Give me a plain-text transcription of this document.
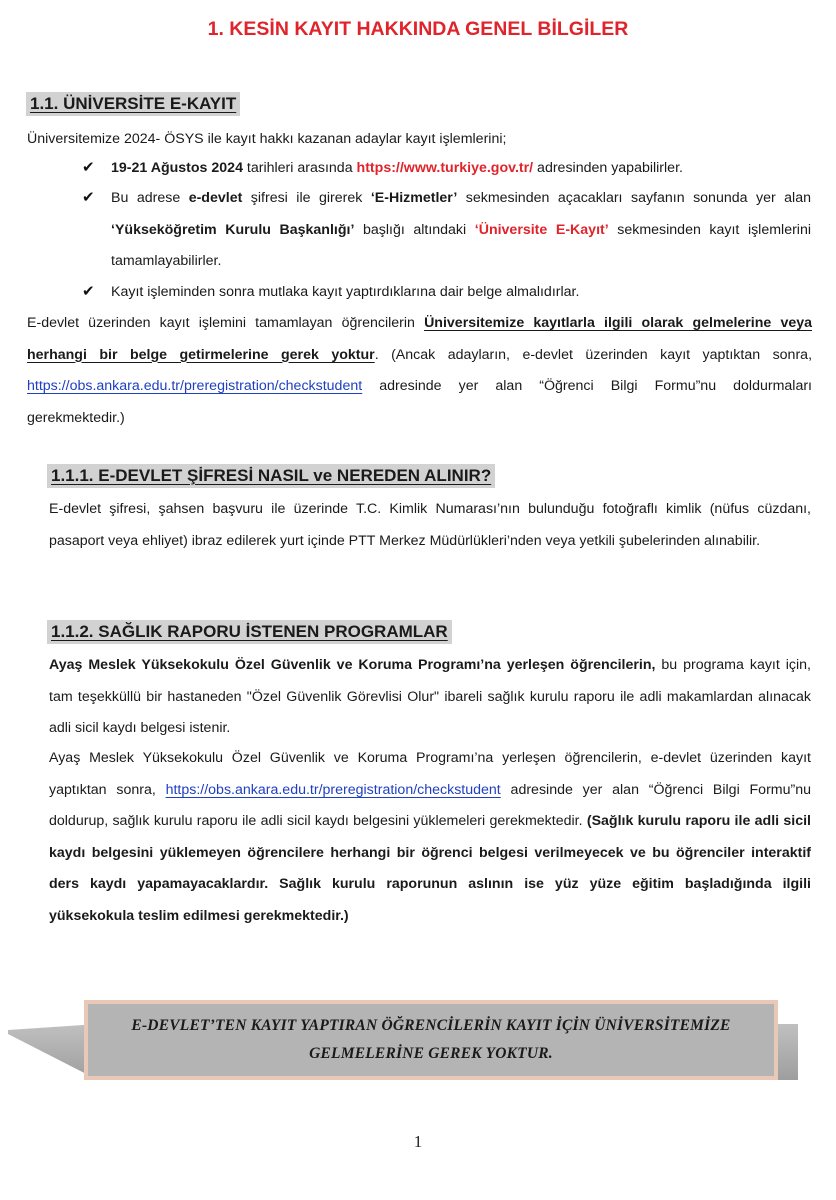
1. KESİN KAYIT HAKKINDA GENEL BİLGİLER
1.1. ÜNİVERSİTE E-KAYIT

Üniversitemize 2024- ÖSYS ile kayıt hakkı kazanan adaylar kayıt işlemlerini;

✔ 19-21 Ağustos 2024 tarihleri arasında https://www.turkiye.gov.tr/ adresinden yapabilirler.

✔ Bu adrese e-devlet şifresi ile girerek ‘E-Hizmetler’ sekmesinden açacakları sayfanın sonunda yer alan ‘Yükseköğretim Kurulu Başkanlığı’ başlığı altındaki ‘Üniversite E-Kayıt’ sekmesinden kayıt işlemlerini tamamlayabilirler.

✔ Kayıt işleminden sonra mutlaka kayıt yaptırdıklarına dair belge almalıdırlar.

E-devlet üzerinden kayıt işlemini tamamlayan öğrencilerin Üniversitemize kayıtlarla ilgili olarak gelmelerine veya herhangi bir belge getirmelerine gerek yoktur. (Ancak adayların, e-devlet üzerinden kayıt yaptıktan sonra, https://obs.ankara.edu.tr/preregistration/checkstudent adresinde yer alan “Öğrenci Bilgi Formu”nu doldurmaları gerekmektedir.)

1.1.1. E-DEVLET ŞİFRESİ NASIL ve NEREDEN ALINIR?

E-devlet şifresi, şahsen başvuru ile üzerinde T.C. Kimlik Numarası’nın bulunduğu fotoğraflı kimlik (nüfus cüzdanı, pasaport veya ehliyet) ibraz edilerek yurt içinde PTT Merkez Müdürlükleri’nden veya yetkili şubelerinden alınabilir.

1.1.2. SAĞLIK RAPORU İSTENEN PROGRAMLAR

Ayaş Meslek Yüksekokulu Özel Güvenlik ve Koruma Programı’na yerleşen öğrencilerin, bu programa kayıt için, tam teşekküllü bir hastaneden "Özel Güvenlik Görevlisi Olur" ibareli sağlık kurulu raporu ile adli makamlardan alınacak adli sicil kaydı belgesi istenir.

Ayaş Meslek Yüksekokulu Özel Güvenlik ve Koruma Programı’na yerleşen öğrencilerin, e-devlet üzerinden kayıt yaptıktan sonra, https://obs.ankara.edu.tr/preregistration/checkstudent adresinde yer alan “Öğrenci Bilgi Formu”nu doldurup, sağlık kurulu raporu ile adli sicil kaydı belgesini yüklemeleri gerekmektedir. (Sağlık kurulu raporu ile adli sicil kaydı belgesini yüklemeyen öğrencilere herhangi bir öğrenci belgesi verilmeyecek ve bu öğrenciler interaktif ders kaydı yapamayacaklardır. Sağlık kurulu raporunun aslının ise yüz yüze eğitim başladığında ilgili yüksekokula teslim edilmesi gerekmektedir.)

E-DEVLET’TEN KAYIT YAPTIRAN ÖĞRENCİLERİN KAYIT İÇİN ÜNİVERSİTEMİZE
GELMELERİNE GEREK YOKTUR.
1
